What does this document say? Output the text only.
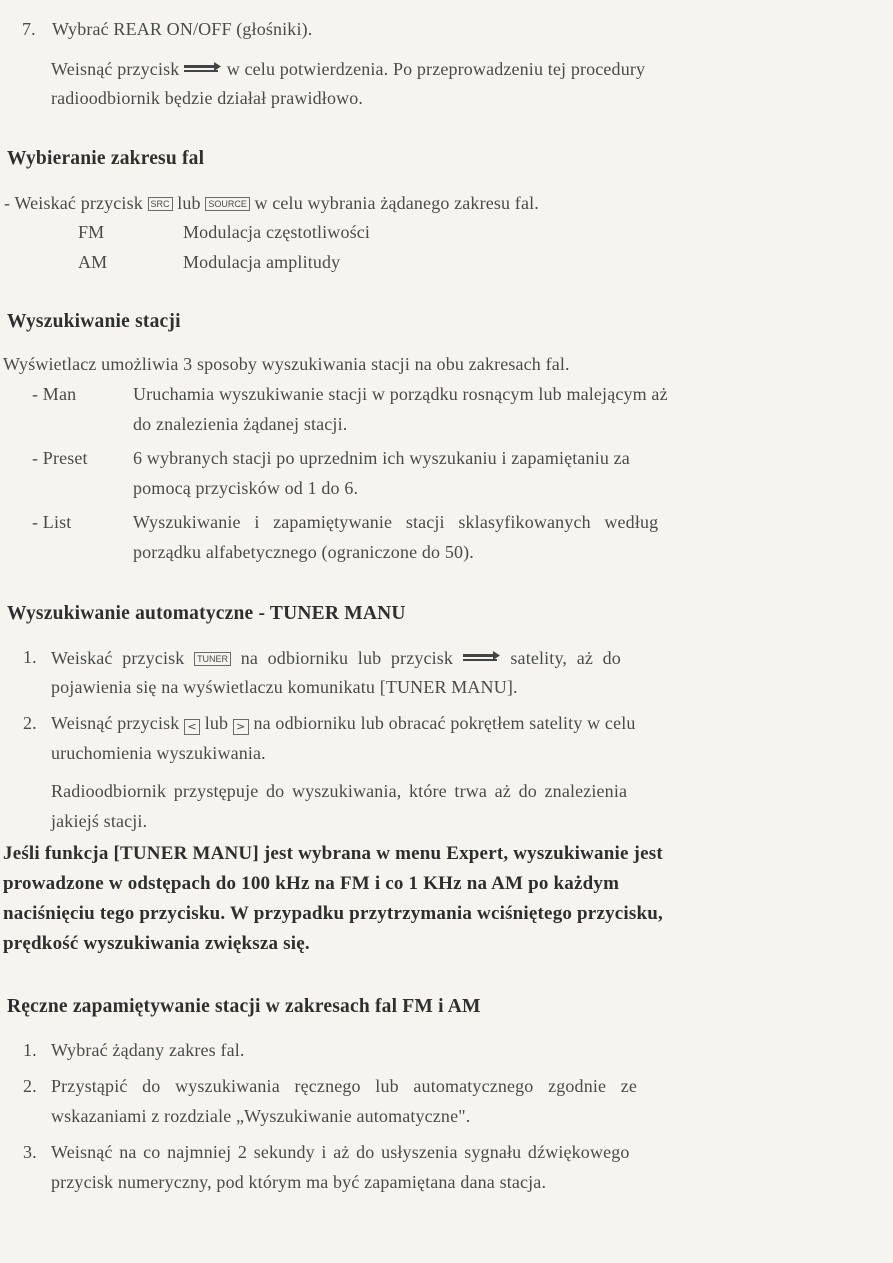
7. Wybrać REAR ON/OFF (głośniki).
Weisnąć przycisk	w celu potwierdzenia. Po przeprowadzeniu tej procedury
radioodbiornik będzie działał prawidłowo.
Wybieranie zakresu fal
- Weiskać przycisk SRC lub SOURCE w celu wybrania żądanego zakresu fal.
FM	Modulacja częstotliwości
AM	Modulacja amplitudy
Wyszukiwanie stacji
Wyświetlacz umożliwia 3 sposoby wyszukiwania stacji na obu zakresach fal.
- Man	Uruchamia wyszukiwanie stacji w porządku rosnącym lub malejącym aż
do znalezienia żądanej stacji.
- Preset	6 wybranych stacji po uprzednim ich wyszukaniu i zapamiętaniu za
pomocą przycisków od 1 do 6.
- List	Wyszukiwanie i zapamiętywanie stacji sklasyfikowanych według
porządku alfabetycznego (ograniczone do 50).
Wyszukiwanie automatyczne - TUNER MANU
1. Weiskać przycisk TUNER na odbiorniku lub przycisk	satelity, aż do
pojawienia się na wyświetlaczu komunikatu [TUNER MANU].
2. Weisnąć przycisk < lub > na odbiorniku lub obracać pokrętłem satelity w celu
uruchomienia wyszukiwania.
Radioodbiornik przystępuje do wyszukiwania, które trwa aż do znalezienia
jakiejś stacji.
Jeśli funkcja [TUNER MANU] jest wybrana w menu Expert, wyszukiwanie jest
prowadzone w odstępach do 100 kHz na FM i co 1 KHz na AM po każdym
naciśnięciu tego przycisku. W przypadku przytrzymania wciśniętego przycisku,
prędkość wyszukiwania zwiększa się.
Ręczne zapamiętywanie stacji w zakresach fal FM i AM
1. Wybrać żądany zakres fal.
2. Przystąpić do wyszukiwania ręcznego lub automatycznego zgodnie ze
wskazaniami z rozdziale „Wyszukiwanie automatyczne".
3. Weisnąć na co najmniej 2 sekundy i aż do usłyszenia sygnału dźwiękowego
przycisk numeryczny, pod którym ma być zapamiętana dana stacja.
